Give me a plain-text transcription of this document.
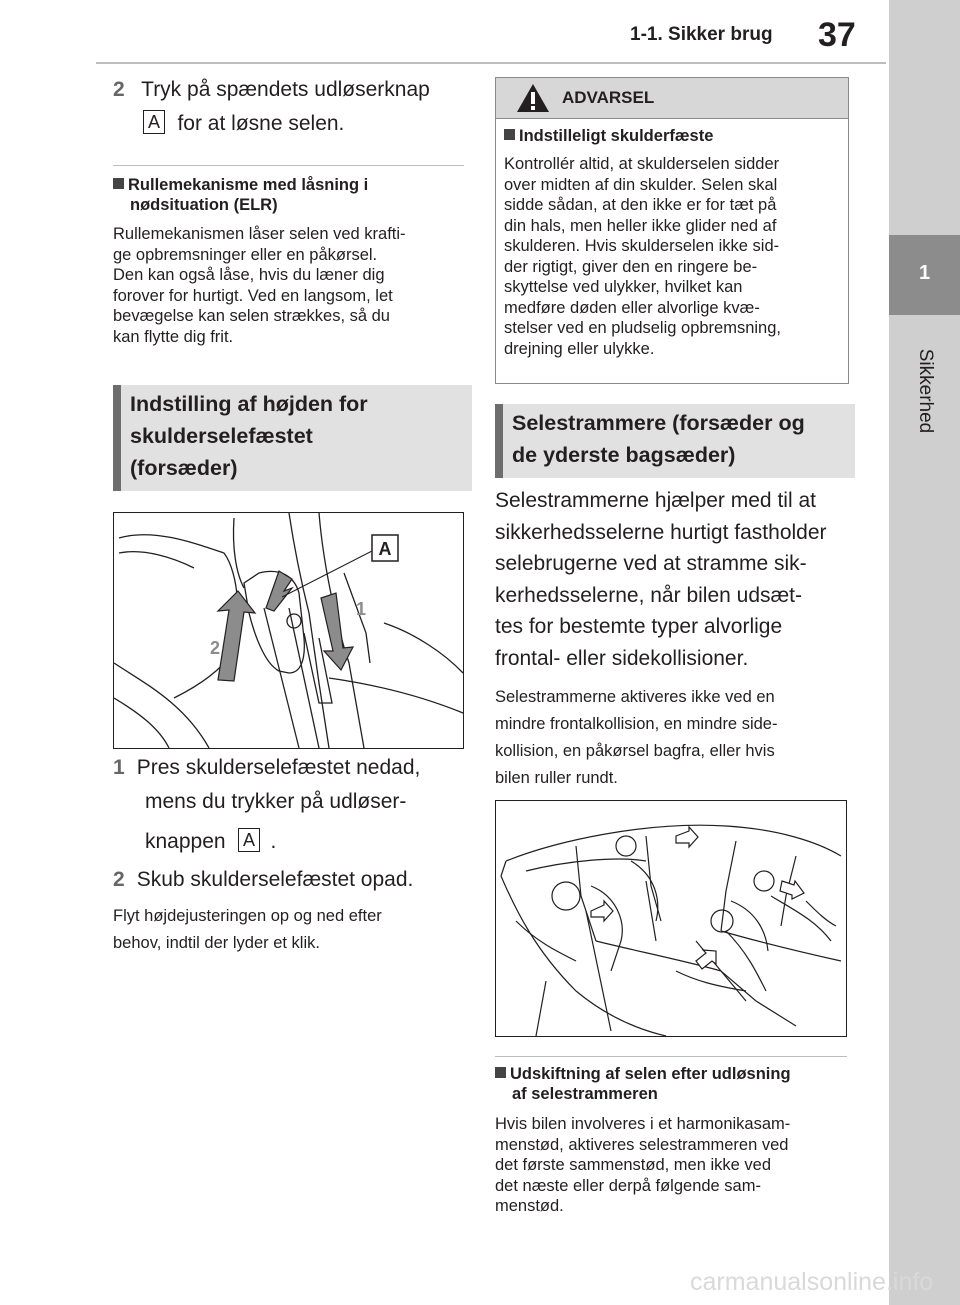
1-1. Sikker brug 37
1
Sikkerhed
2 Tryk på spændets udløserknap
A for at løsne selen.
Rullemekanisme med låsning i
nødsituation (ELR)
Rullemekanismen låser selen ved krafti-
ge opbremsninger eller en påkørsel.
Den kan også låse, hvis du læner dig
forover for hurtigt. Ved en langsom, let
bevægelse kan selen strækkes, så du
kan flytte dig frit.
Indstilling af højden for
skulderselefæstet
(forsæder)
A
1
2
1 Pres skulderselefæstet nedad,
mens du trykker på udløser-
knappen A .
2 Skub skulderselefæstet opad.
Flyt højdejusteringen op og ned efter
behov, indtil der lyder et klik.
ADVARSEL
Indstilleligt skulderfæste
Kontrollér altid, at skulderselen sidder
over midten af din skulder. Selen skal
sidde sådan, at den ikke er for tæt på
din hals, men heller ikke glider ned af
skulderen. Hvis skulderselen ikke sid-
der rigtigt, giver den en ringere be-
skyttelse ved ulykker, hvilket kan
medføre døden eller alvorlige kvæ-
stelser ved en pludselig opbremsning,
drejning eller ulykke.
Selestrammere (forsæder og
de yderste bagsæder)
Selestrammerne hjælper med til at
sikkerhedsselerne hurtigt fastholder
selebrugerne ved at stramme sik-
kerhedsselerne, når bilen udsæt-
tes for bestemte typer alvorlige
frontal- eller sidekollisioner.
Selestrammerne aktiveres ikke ved en
mindre frontalkollision, en mindre side-
kollision, en påkørsel bagfra, eller hvis
bilen ruller rundt.
Udskiftning af selen efter udløsning
af selestrammeren
Hvis bilen involveres i et harmonikasam-
menstød, aktiveres selestrammeren ved
det første sammenstød, men ikke ved
det næste eller derpå følgende sam-
menstød.
carmanualsonline.info
